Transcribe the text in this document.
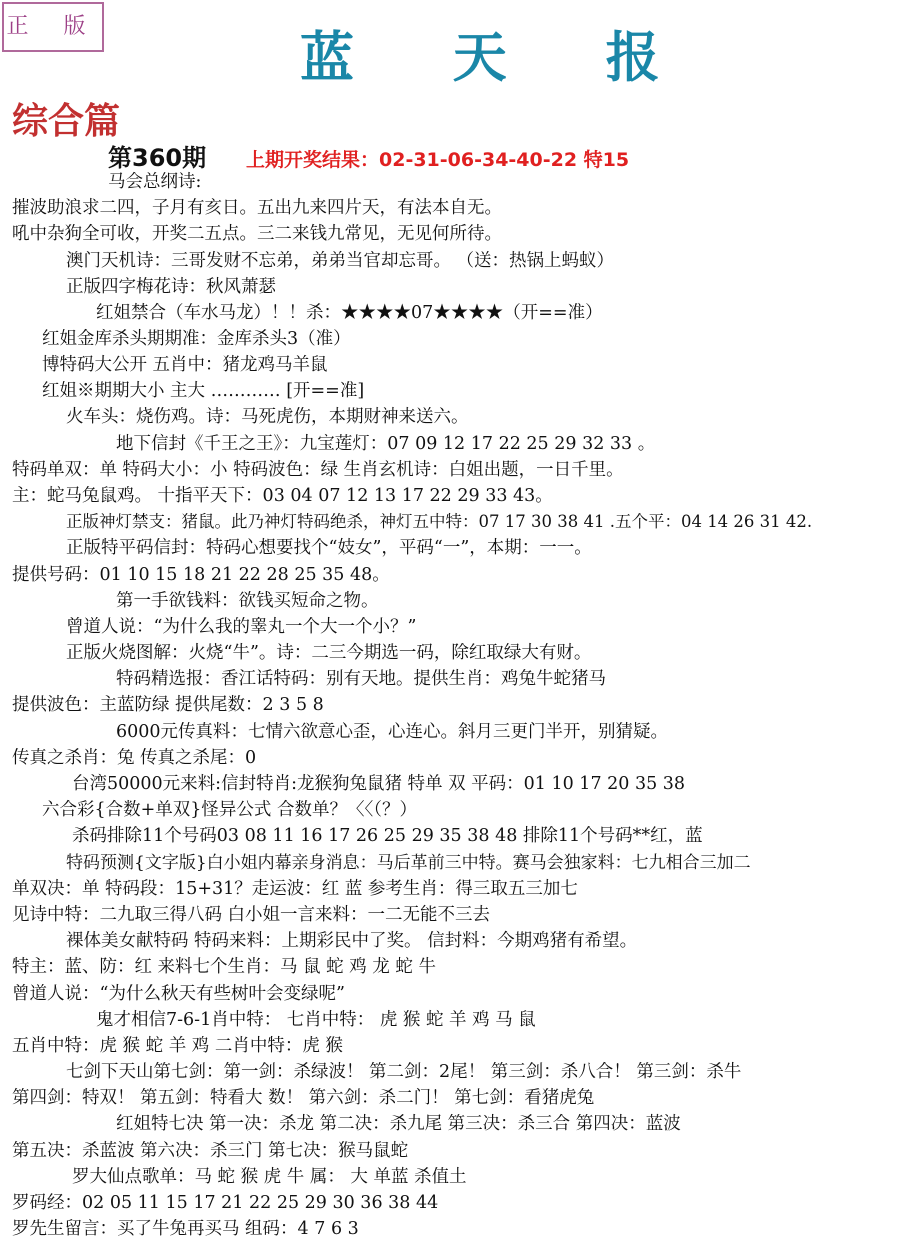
正 版	蓝 天 报
综合篇
第360期 上期开奖结果：02-31-06-34-40-22 特15
马会总纲诗:
摧波助浪求二四，子月有亥日。五出九来四片天，有法本自无。
吼中杂狗全可收，开奖二五点。三二来钱九常见，无见何所待。
澳门天机诗：三哥发财不忘弟，弟弟当官却忘哥。 （送：热锅上蚂蚁）
正版四字梅花诗：秋风萧瑟
红姐禁合（车水马龙）！！杀：★★★★07★★★★（开==准）
红姐金库杀头期期准：金库杀头3（准）
博特码大公开 五肖中：猪龙鸡马羊鼠
红姐※期期大小 主大 ………… [开==准]
火车头：烧伤鸡。诗：马死虎伤，本期财神来送六。
地下信封《千王之王》：九宝莲灯：07 09 12 17 22 25 29 32 33 。
特码单双：单 特码大小：小 特码波色：绿 生肖玄机诗：白姐出题，一日千里。
主：蛇马兔鼠鸡。 十指平天下：03 04 07 12 13 17 22 29 33 43。
正版神灯禁支：猪鼠。此乃神灯特码绝杀，神灯五中特：07 17 30 38 41 .五个平：04 14 26 31 42.
正版特平码信封：特码心想要找个“妓女”，平码“一”，本期：一一。
提供号码：01 10 15 18 21 22 28 25 35 48。
第一手欲钱料：欲钱买短命之物。
曾道人说：“为什么我的睾丸一个大一个小？”
正版火烧图解：火烧“牛”。诗：二三今期选一码，除红取绿大有财。
特码精选报：香江话特码：别有天地。提供生肖：鸡兔牛蛇猪马
提供波色：主蓝防绿 提供尾数：2 3 5 8
6000元传真料：七情六欲意心歪，心连心。斜月三更门半开，别猜疑。
传真之杀肖：兔 传真之杀尾：0
台湾50000元来料:信封特肖:龙猴狗兔鼠猪 特单 双 平码：01 10 17 20 35 38
六合彩{合数+单双}怪异公式 合数单？〈〈（？）
杀码排除11个号码03 08 11 16 17 26 25 29 35 38 48 排除11个号码**红，蓝
特码预测{文字版}白小姐内幕亲身消息：马后革前三中特。赛马会独家料：七九相合三加二
单双决：单 特码段：15+31？走运波：红 蓝 参考生肖：得三取五三加七
见诗中特：二九取三得八码 白小姐一言来料：一二无能不三去
裸体美女献特码 特码来料：上期彩民中了奖。 信封料：今期鸡猪有希望。
特主：蓝、防：红 来料七个生肖：马 鼠 蛇 鸡 龙 蛇 牛
曾道人说：“为什么秋天有些树叶会变绿呢”
鬼才相信7-6-1肖中特： 七肖中特： 虎 猴 蛇 羊 鸡 马 鼠
五肖中特：虎 猴 蛇 羊 鸡 二肖中特：虎 猴
七剑下天山第七剑：第一剑：杀绿波！ 第二剑：2尾！ 第三剑：杀八合！ 第三剑：杀牛
第四剑：特双！ 第五剑：特看大 数！ 第六剑：杀二门！ 第七剑：看猪虎兔
红姐特七决 第一决：杀龙 第二决：杀九尾 第三决：杀三合 第四决：蓝波
第五决：杀蓝波 第六决：杀三门 第七决：猴马鼠蛇
罗大仙点歌单：马 蛇 猴 虎 牛 属： 大 单蓝 杀值土
罗码经：02 05 11 15 17 21 22 25 29 30 36 38 44
罗先生留言：买了牛兔再买马 组码：4 7 6 3
